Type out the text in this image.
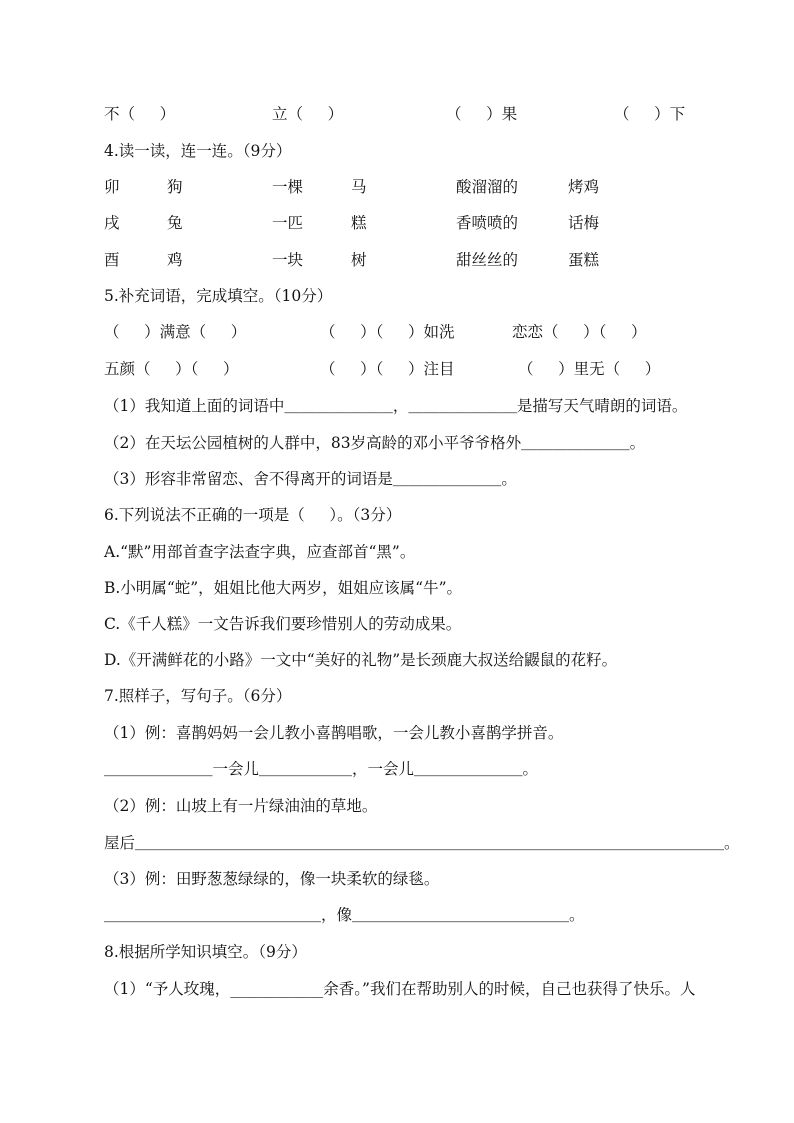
不（     ）	立（     ）	（     ）果	（     ）下
4.读一读，连一连。（9分）
卯	狗	一棵	马	酸溜溜的	烤鸡
戌	兔	一匹	糕	香喷喷的	话梅
酉	鸡	一块	树	甜丝丝的	蛋糕
5.补充词语，完成填空。（10分）
（     ）满意（     ）	（     ）（     ）如洗	恋恋（     ）（     ）
五颜（     ）（     ）	（     ）（     ）注目	（     ）里无（     ）
（1）我知道上面的词语中＿＿＿＿＿＿＿，＿＿＿＿＿＿＿是描写天气晴朗的词语。
（2）在天坛公园植树的人群中，83岁高龄的邓小平爷爷格外＿＿＿＿＿＿＿。
（3）形容非常留恋、舍不得离开的词语是＿＿＿＿＿＿＿。
6.下列说法不正确的一项是（     ）。（3分）
A.“默”用部首查字法查字典，应查部首“黑”。
B.小明属“蛇”，姐姐比他大两岁，姐姐应该属“牛”。
C.《千人糕》一文告诉我们要珍惜别人的劳动成果。
D.《开满鲜花的小路》一文中“美好的礼物”是长颈鹿大叔送给鼹鼠的花籽。
7.照样子，写句子。（6分）
（1）例：喜鹊妈妈一会儿教小喜鹊唱歌，一会儿教小喜鹊学拼音。
＿＿＿＿＿＿＿一会儿＿＿＿＿＿＿，一会儿＿＿＿＿＿＿＿。
（2）例：山坡上有一片绿油油的草地。
屋后＿＿＿＿＿＿＿＿＿＿＿＿＿＿＿＿＿＿＿＿＿＿＿＿＿＿＿＿＿＿＿＿＿＿＿＿＿＿。
（3）例：田野葱葱绿绿的，像一块柔软的绿毯。
＿＿＿＿＿＿＿＿＿＿＿＿＿＿，像＿＿＿＿＿＿＿＿＿＿＿＿＿＿。
8.根据所学知识填空。（9分）
（1）“予人玫瑰，____________余香。”我们在帮助别人的时候，自己也获得了快乐。人
